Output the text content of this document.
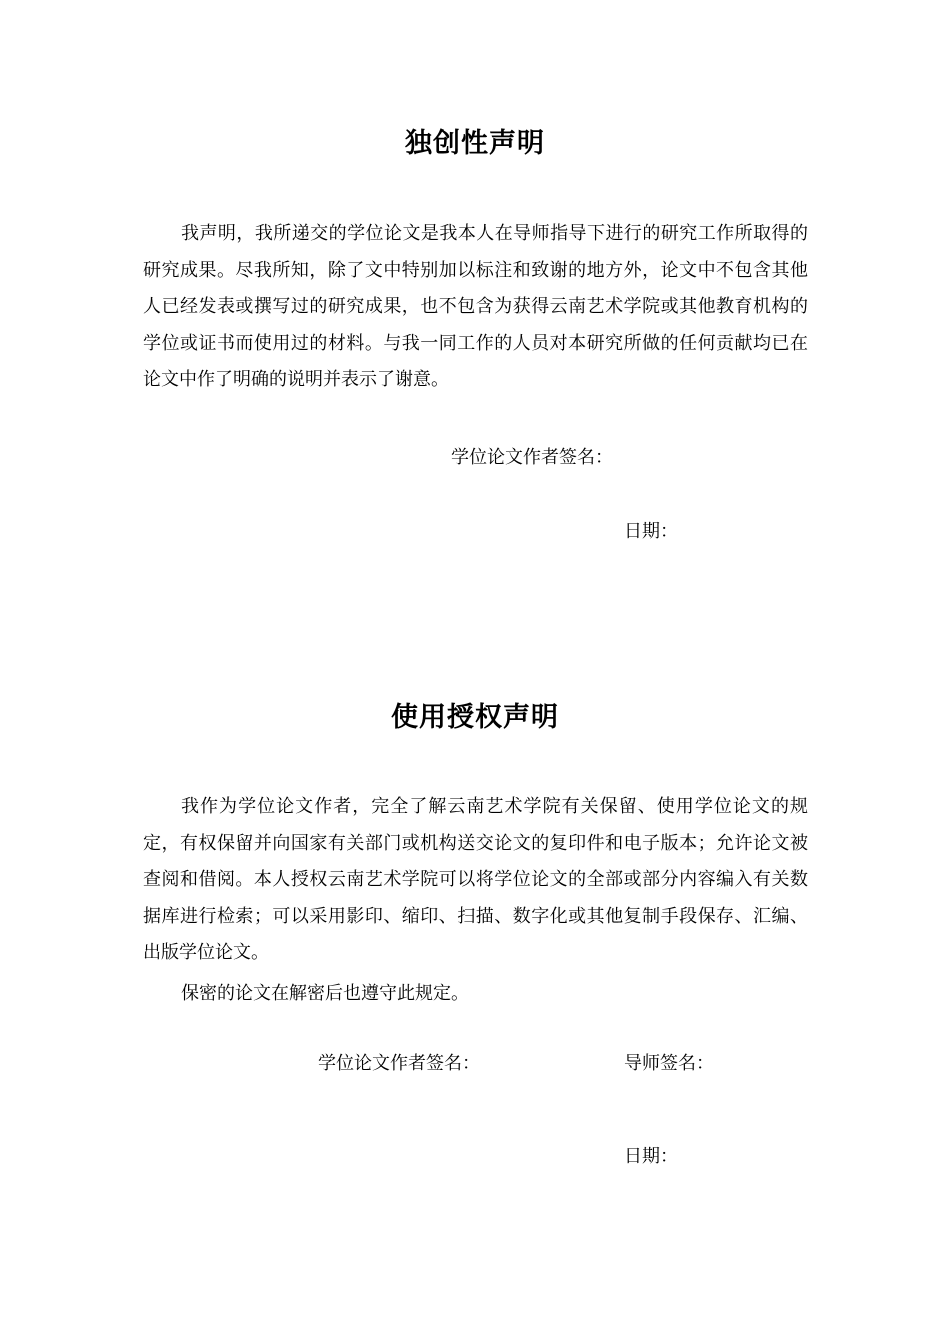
独创性声明

我声明，我所递交的学位论文是我本人在导师指导下进行的研究工作所取得的研究成果。尽我所知，除了文中特别加以标注和致谢的地方外，论文中不包含其他人已经发表或撰写过的研究成果，也不包含为获得云南艺术学院或其他教育机构的学位或证书而使用过的材料。与我一同工作的人员对本研究所做的任何贡献均已在论文中作了明确的说明并表示了谢意。

学位论文作者签名：

日期：

使用授权声明

我作为学位论文作者，完全了解云南艺术学院有关保留、使用学位论文的规定，有权保留并向国家有关部门或机构送交论文的复印件和电子版本；允许论文被查阅和借阅。本人授权云南艺术学院可以将学位论文的全部或部分内容编入有关数据库进行检索；可以采用影印、缩印、扫描、数字化或其他复制手段保存、汇编、出版学位论文。

保密的论文在解密后也遵守此规定。

学位论文作者签名：	导师签名：

日期：
